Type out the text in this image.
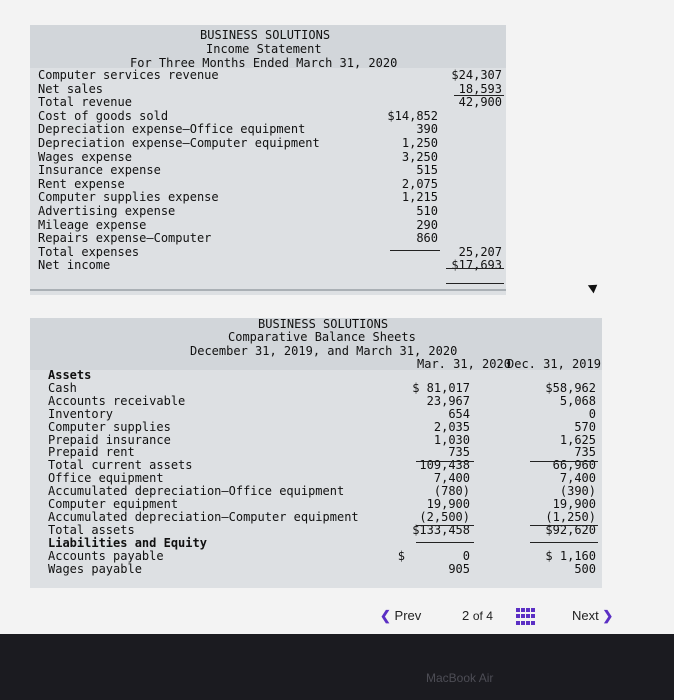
BUSINESS SOLUTIONS
Income Statement
For Three Months Ended March 31, 2020
Computer services revenue	$24,307
Net sales	18,593
Total revenue	42,900
Cost of goods sold	$14,852
Depreciation expense—Office equipment	390
Depreciation expense—Computer equipment	1,250
Wages expense	3,250
Insurance expense	515
Rent expense	2,075
Computer supplies expense	1,215
Advertising expense	510
Mileage expense	290
Repairs expense—Computer	860
Total expenses	25,207
Net income	$17,693
BUSINESS SOLUTIONS
Comparative Balance Sheets
December 31, 2019, and March 31, 2020
Mar. 31, 2020
Dec. 31, 2019
Assets
Cash	$ 81,017	$58,962
Accounts receivable	23,967	5,068
Inventory	654	0
Computer supplies	2,035	570
Prepaid insurance	1,030	1,625
Prepaid rent	735	735
Total current assets	109,438	66,960
Office equipment	7,400	7,400
Accumulated depreciation—Office equipment	(780)	(390)
Computer equipment	19,900	19,900
Accumulated depreciation—Computer equipment	(2,500)	(1,250)
Total assets	$133,458	$92,620
Liabilities and Equity
Accounts payable	$        0	$ 1,160
Wages payable	905	500
❮ Prev	2 of 4	Next ❯
MacBook Air
